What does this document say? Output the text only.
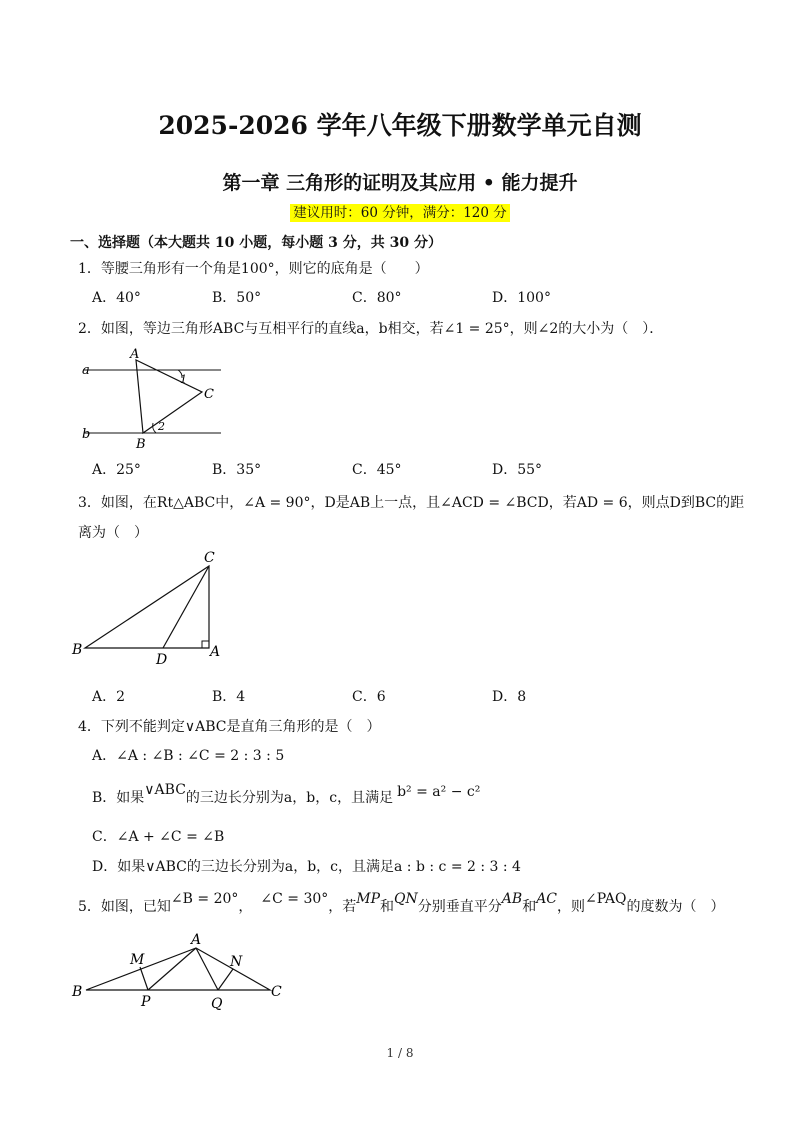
2025-2026 学年八年级下册数学单元自测
第一章 三角形的证明及其应用 • 能力提升
建议用时：60 分钟，满分：120 分
一、选择题（本大题共 10 小题，每小题 3 分，共 30 分）
1．等腰三角形有一个角是100°，则它的底角是（　　）
A．40°	B．50°	C．80°	D．100°
2．如图，等边三角形ABC与互相平行的直线a，b相交，若∠1 = 25°，则∠2的大小为（　）．
a
b
A
B
C
1
2
A．25°	B．35°	C．45°	D．55°
3．如图，在Rt△ABC中，∠A = 90°，D是AB上一点，且∠ACD = ∠BCD，若AD = 6，则点D到BC的距
离为（　）
C
B
D	A
A．2	B．4	C．6	D．8
4．下列不能判定∨ABC是直角三角形的是（　）
A．∠A : ∠B : ∠C = 2 : 3 : 5
B．如果∨ABC的三边长分别为a，b，c，且满足 b² = a² − c²
C．∠A + ∠C = ∠B
D．如果∨ABC的三边长分别为a，b，c，且满足a : b : c = 2 : 3 : 4
5．如图，已知∠B = 20°， ∠C = 30°，若MP和QN分别垂直平分AB和AC，则∠PAQ的度数为（　）
A
B	C
M	N
P	Q
1 / 8
